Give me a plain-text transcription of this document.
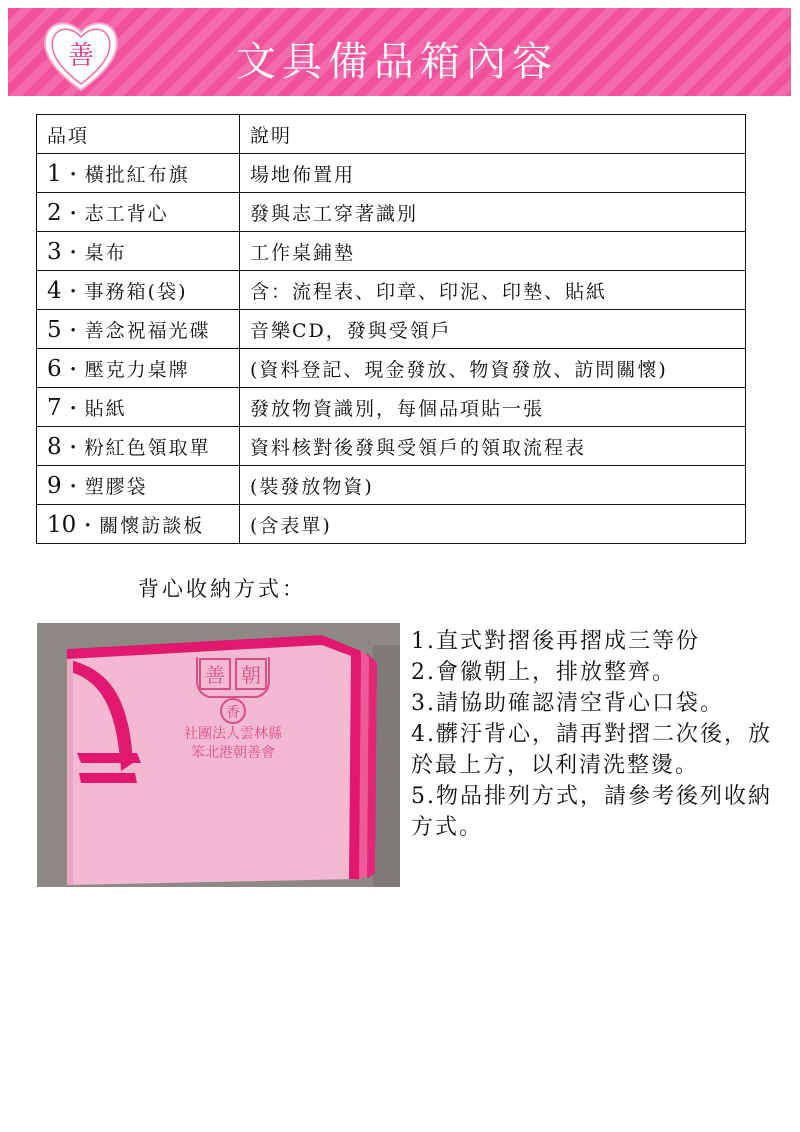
善	文具備品箱內容
品項	說明
1 ・橫批紅布旗	場地佈置用
2 ・志工背心	發與志工穿著識別
3 ・桌布	工作桌鋪墊
4 ・事務箱(袋)	含：流程表、印章、印泥、印墊、貼紙
5 ・善念祝福光碟	音樂CD，發與受領戶
6 ・壓克力桌牌	(資料登記、現金發放、物資發放、訪問關懷)
7 ・貼紙	發放物資識別，每個品項貼一張
8 ・粉紅色領取單	資料核對後發與受領戶的領取流程表
9 ・塑膠袋	(裝發放物資)
10 ・關懷訪談板	(含表單)
背心收納方式：
善 朝
香
社團法人雲林縣
笨北港朝善會

1.直式對摺後再摺成三等份

2.會徽朝上，排放整齊。

3.請協助確認清空背心口袋。

4.髒汙背心，請再對摺二次後，放於最上方，以利清洗整燙。

5.物品排列方式，請參考後列收納方式。
